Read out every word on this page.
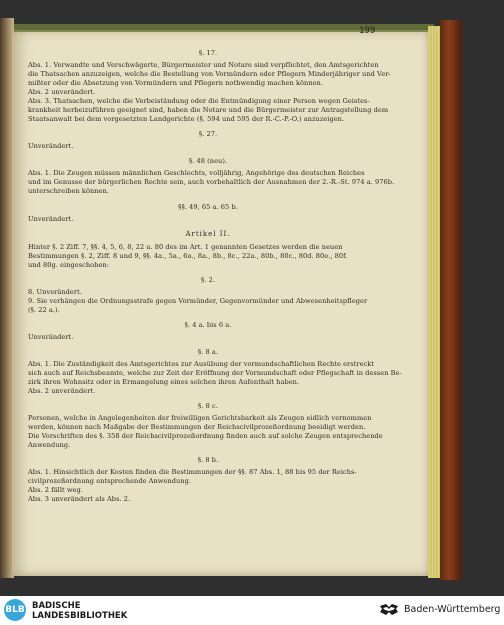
199
§. 17.
Abs. 1. Verwandte und Verschwägerte, Bürgermeister und Notare sind verpflichtet, den Amtsgerichten
die Thatsachen anzuzeigen, welche die Bestellung von Vormündern oder Pflegern Minderjähriger und Ver-
mißter oder die Absetzung von Vormündern und Pflegern nothwendig machen können.
Abs. 2 unverändert.
Abs. 3. Thatsachen, welche die Verbeiständung oder die Entmündigung einer Person wegen Geistes-
krankheit herbeizuführen geeignet sind, haben die Notare und die Bürgermeister zur Antragstellung dem
Staatsanwalt bei dem vorgesetzten Landgerichte (§. 594 und 595 der R.-C.-P.-O.) anzuzeigen.
§. 27.
Unverändert.
§. 48 (neu).
Abs. 1. Die Zeugen müssen männlichen Geschlechts, volljährig, Angehörige des deutschen Reiches
und im Genusse der bürgerlichen Rechte sein, auch vorbehaltlich der Ausnahmen der 2.-R.-St. 974 a. 976b.
unterschreiben können.
§§. 49, 65 a. 65 b.
Unverändert.
Artikel II.
Hinter §. 2 Ziff. 7, §§. 4, 5, 6, 8, 22 a. 80 des im Art. 1 genannten Gesetzes werden die neuen
Bestimmungen §. 2, Ziff. 8 und 9, §§. 4a., 5a., 6a., 8a., 8b., 8c., 22a., 80b., 80c., 80d. 80e., 80f.
und 80g. eingeschoben:
§. 2.
8. Unverändert.
9. Sie verhängen die Ordnungsstrafe gegen Vormünder, Gegenvormünder und Abwesenheitspfleger
(§. 22 a.).
§. 4 a. bis 6 a.
Unverändert.
§. 8 a.
Abs. 1. Die Zuständigkeit des Amtsgerichtes zur Ausübung der vormundschaftlichen Rechte erstreckt
sich auch auf Reichsbeamte, welche zur Zeit der Eröffnung der Vormundschaft oder Pflegschaft in dessen Be-
zirk ihren Wohnsitz oder in Ermangelung eines solchen ihren Aufenthalt haben.
Abs. 2 unverändert.
§. 8 c.
Personen, welche in Angelegenheiten der freiwilligen Gerichtsbarkeit als Zeugen eidlich vernommen
werden, können nach Maßgabe der Bestimmungen der Reichscivilprozeßordnung beeidigt werden.
Die Vorschriften des §. 358 der Reichscivilprozeßordnung finden auch auf solche Zeugen entsprechende
Anwendung.
§. 8 b.
Abs. 1. Hinsichtlich der Kosten finden die Bestimmungen der §§. 87 Abs. 1, 88 bis 95 der Reichs-
civilprozeßordnung entsprechende Anwendung.
Abs. 2 fällt weg.
Abs. 3 unverändert als Abs. 2.
BLB BADISCHE
LANDESBIBLIOTHEK
Baden-Württemberg
